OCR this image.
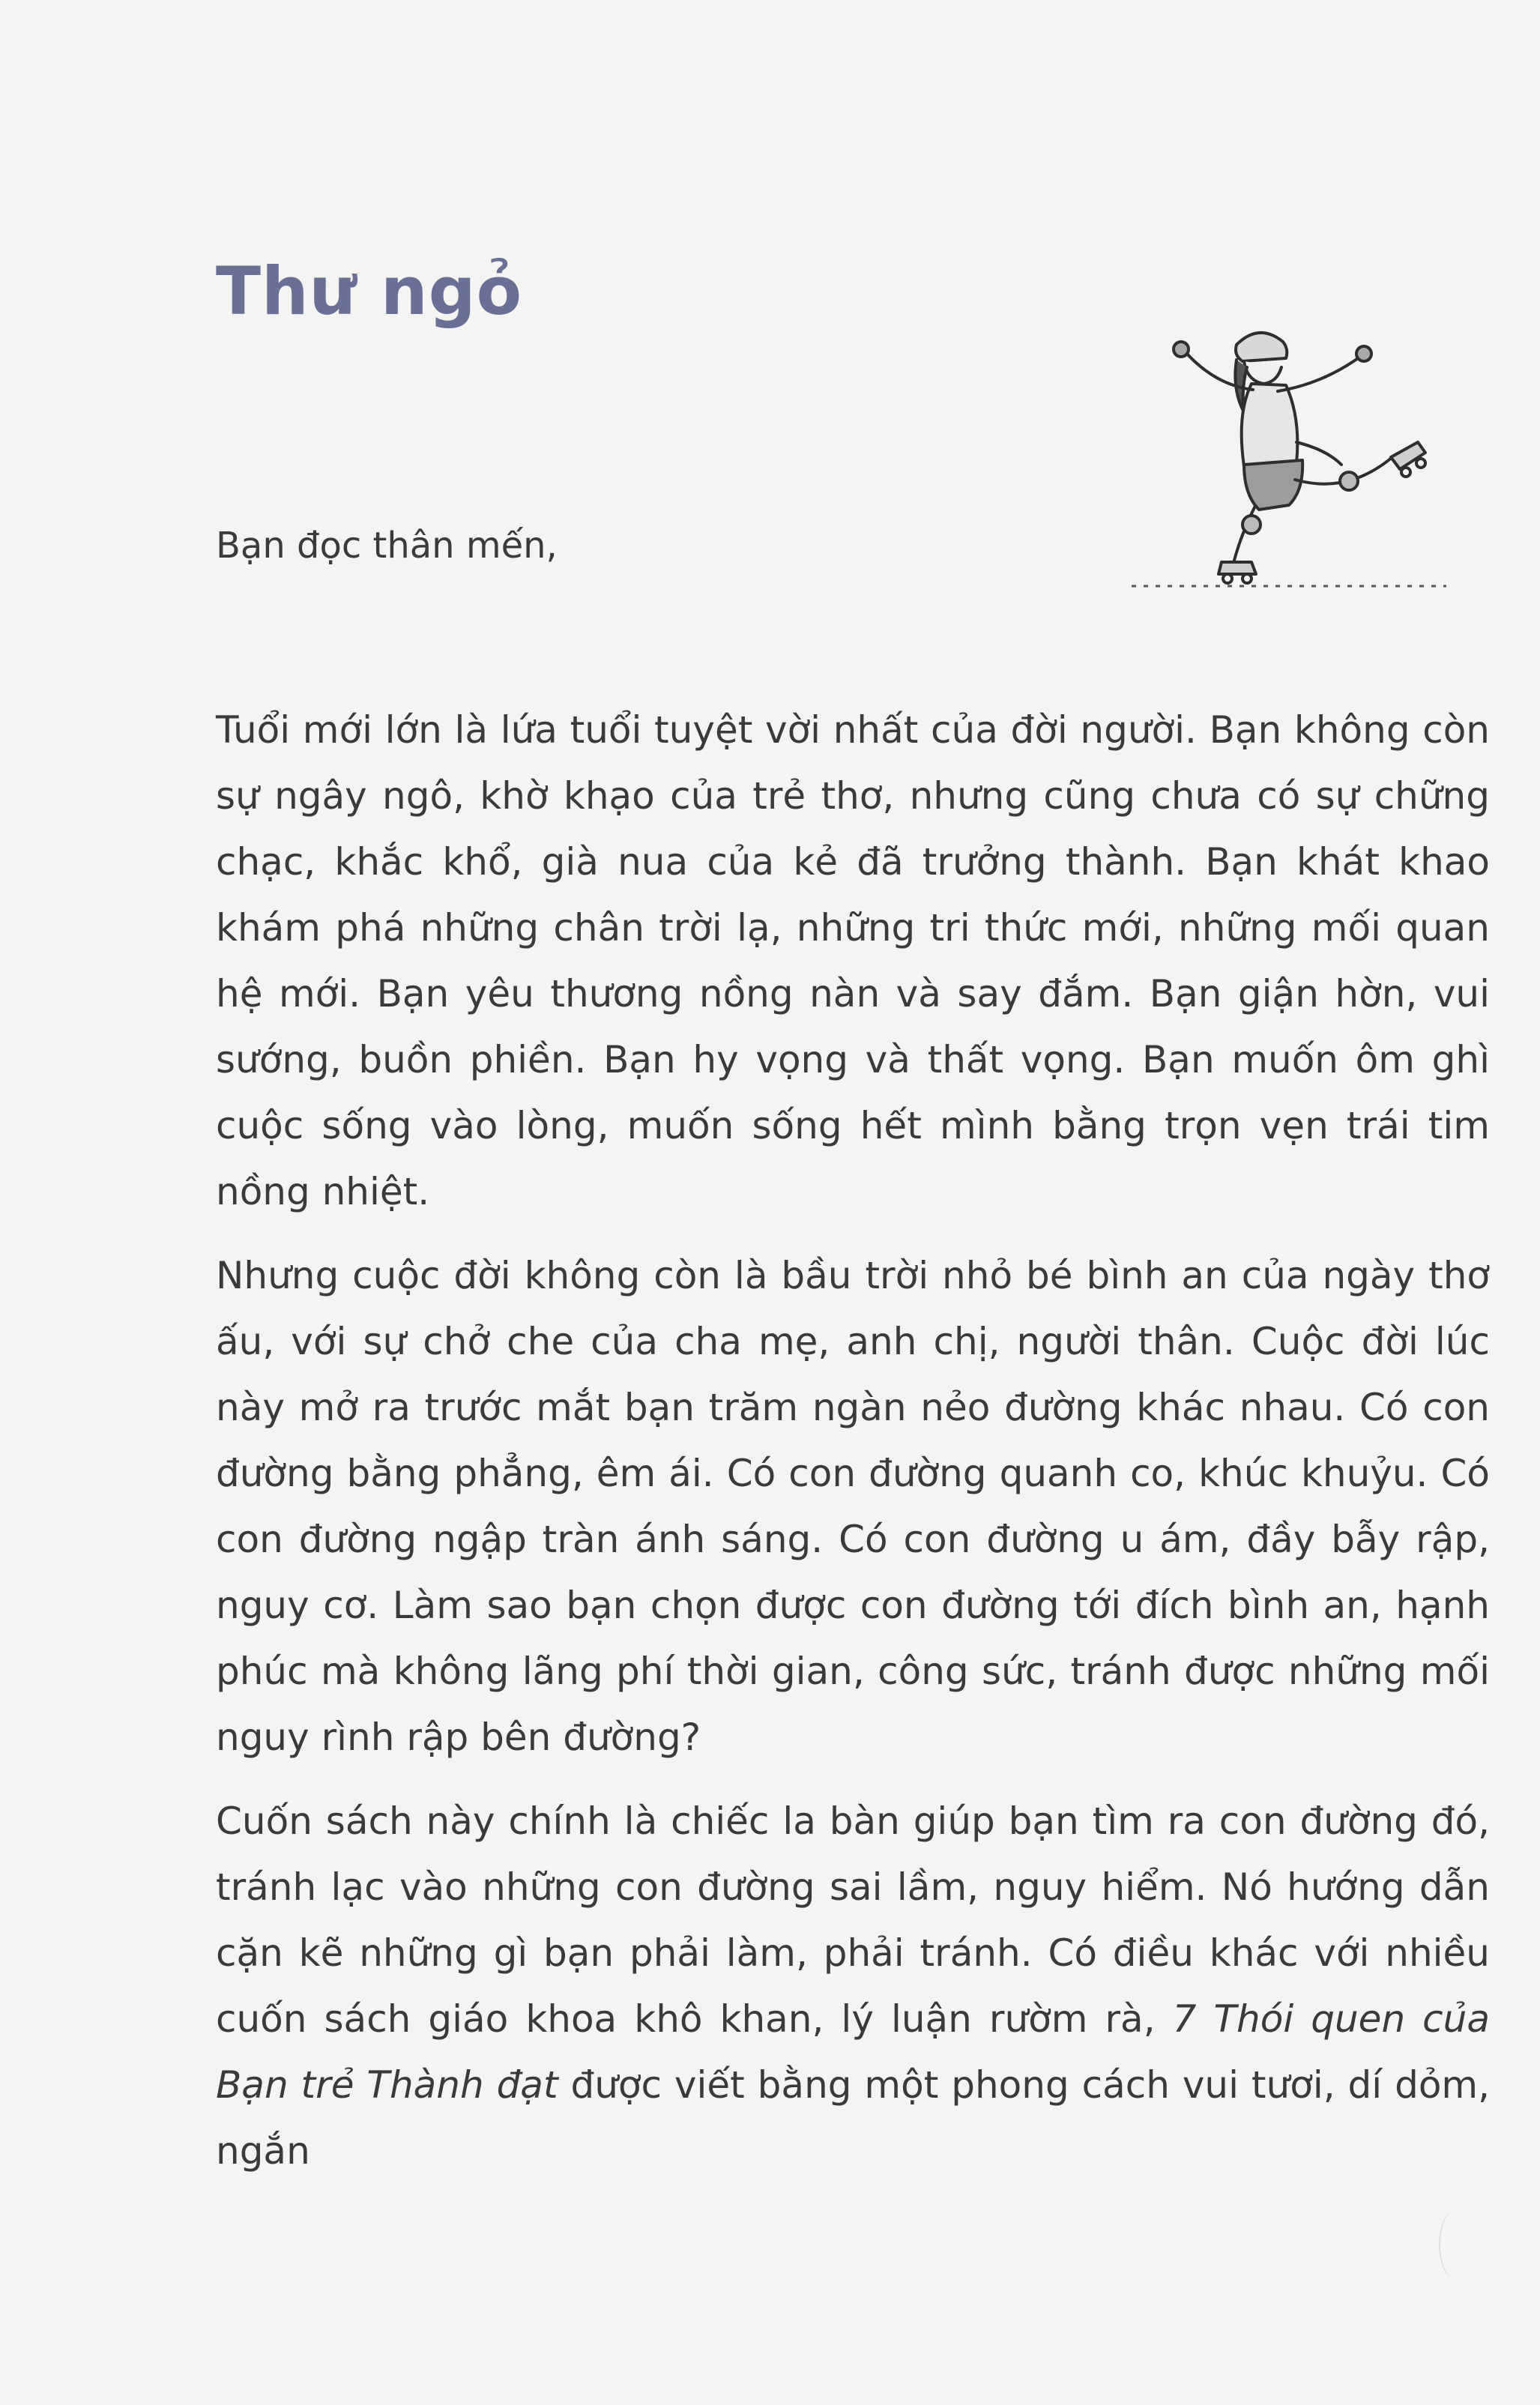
Thư ngỏ
Bạn đọc thân mến,

Tuổi mới lớn là lứa tuổi tuyệt vời nhất của đời người. Bạn không còn sự ngây ngô, khờ khạo của trẻ thơ, nhưng cũng chưa có sự chững chạc, khắc khổ, già nua của kẻ đã trưởng thành. Bạn khát khao khám phá những chân trời lạ, những tri thức mới, những mối quan hệ mới. Bạn yêu thương nồng nàn và say đắm. Bạn giận hờn, vui sướng, buồn phiền. Bạn hy vọng và thất vọng. Bạn muốn ôm ghì cuộc sống vào lòng, muốn sống hết mình bằng trọn vẹn trái tim nồng nhiệt.

Nhưng cuộc đời không còn là bầu trời nhỏ bé bình an của ngày thơ ấu, với sự chở che của cha mẹ, anh chị, người thân. Cuộc đời lúc này mở ra trước mắt bạn trăm ngàn nẻo đường khác nhau. Có con đường bằng phẳng, êm ái. Có con đường quanh co, khúc khuỷu. Có con đường ngập tràn ánh sáng. Có con đường u ám, đầy bẫy rập, nguy cơ. Làm sao bạn chọn được con đường tới đích bình an, hạnh phúc mà không lãng phí thời gian, công sức, tránh được những mối nguy rình rập bên đường?

Cuốn sách này chính là chiếc la bàn giúp bạn tìm ra con đường đó, tránh lạc vào những con đường sai lầm, nguy hiểm. Nó hướng dẫn cặn kẽ những gì bạn phải làm, phải tránh. Có điều khác với nhiều cuốn sách giáo khoa khô khan, lý luận rườm rà, 7 Thói quen của Bạn trẻ Thành đạt được viết bằng một phong cách vui tươi, dí dỏm, ngắn
